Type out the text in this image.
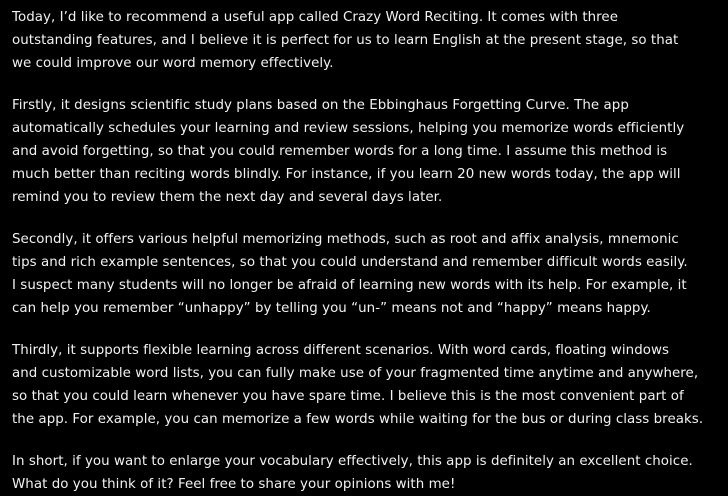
Today, I’d like to recommend a useful app called Crazy Word Reciting. It comes with three
outstanding features, and I believe it is perfect for us to learn English at the present stage, so that
we could improve our word memory effectively.

Firstly, it designs scientific study plans based on the Ebbinghaus Forgetting Curve. The app
automatically schedules your learning and review sessions, helping you memorize words efficiently
and avoid forgetting, so that you could remember words for a long time. I assume this method is
much better than reciting words blindly. For instance, if you learn 20 new words today, the app will
remind you to review them the next day and several days later.

Secondly, it offers various helpful memorizing methods, such as root and affix analysis, mnemonic
tips and rich example sentences, so that you could understand and remember difficult words easily.
I suspect many students will no longer be afraid of learning new words with its help. For example, it
can help you remember “unhappy” by telling you “un-” means not and “happy” means happy.

Thirdly, it supports flexible learning across different scenarios. With word cards, floating windows
and customizable word lists, you can fully make use of your fragmented time anytime and anywhere,
so that you could learn whenever you have spare time. I believe this is the most convenient part of
the app. For example, you can memorize a few words while waiting for the bus or during class breaks.

In short, if you want to enlarge your vocabulary effectively, this app is definitely an excellent choice.
What do you think of it? Feel free to share your opinions with me!
